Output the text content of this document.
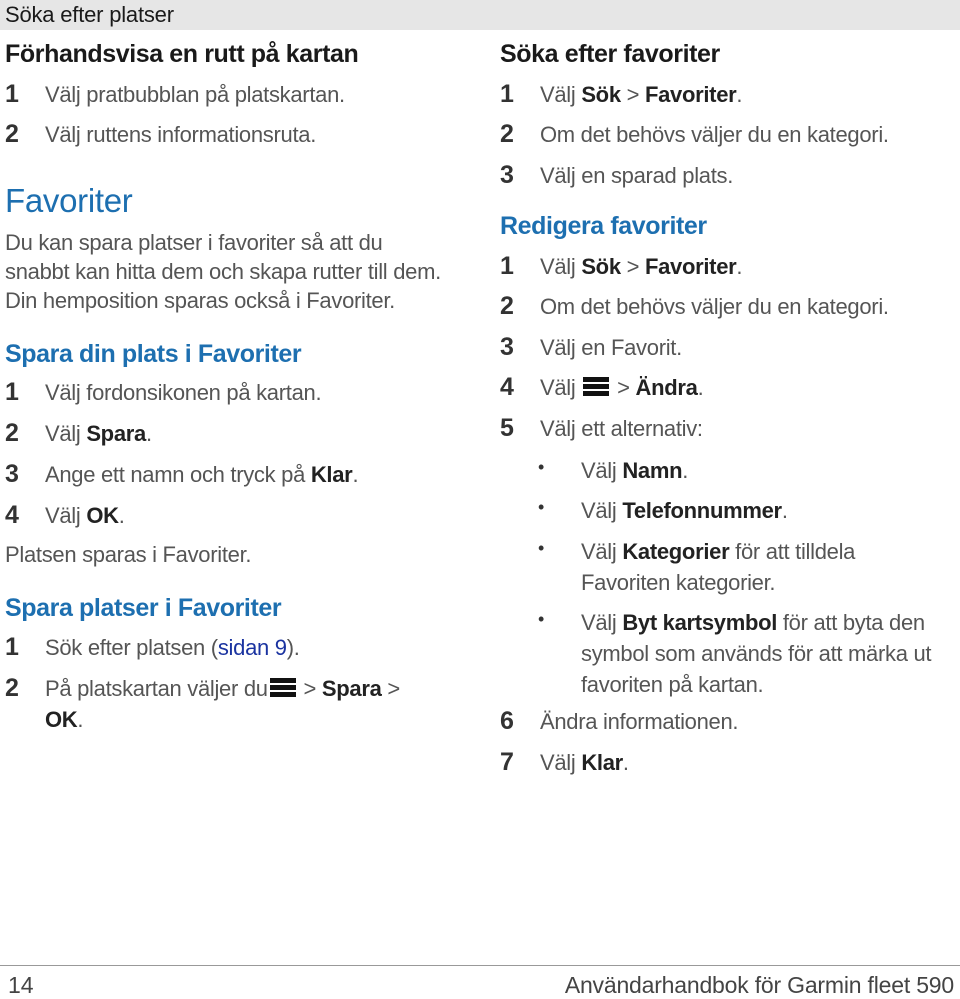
Söka efter platser
Förhandsvisa en rutt på kartan
1 Välj pratbubblan på platskartan.
2 Välj ruttens informationsruta.
Favoriter
Du kan spara platser i favoriter så att du
snabbt kan hitta dem och skapa rutter till dem.
Din hemposition sparas också i Favoriter.
Spara din plats i Favoriter
1 Välj fordonsikonen på kartan.
2 Välj Spara.
3 Ange ett namn och tryck på Klar.
4 Välj OK.
Platsen sparas i Favoriter.
Spara platser i Favoriter
1 Sök efter platsen (sidan 9).
2 På platskartan väljer du
> Spara >
OK.
Söka efter favoriter
1 Välj Sök > Favoriter.
2 Om det behövs väljer du en kategori.
3 Välj en sparad plats.
Redigera favoriter
1 Välj Sök > Favoriter.
2 Om det behövs väljer du en kategori.
3 Välj en Favorit.
4 Välj
> Ändra.
5 Välj ett alternativ:
• Välj Namn.
• Välj Telefonnummer.
• Välj Kategorier för att tilldela
Favoriten kategorier.
• Välj Byt kartsymbol för att byta den
symbol som används för att märka ut
favoriten på kartan.
6 Ändra informationen.
7 Välj Klar.
14	Användarhandbok för Garmin fleet 590
